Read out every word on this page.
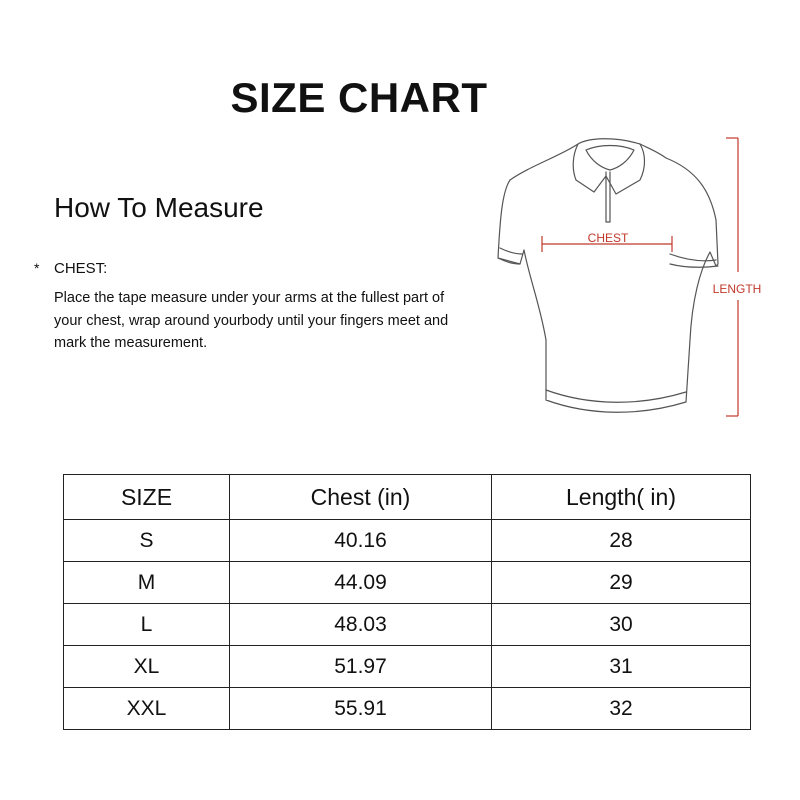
SIZE CHART
How To Measure
* CHEST:
Place the tape measure under your arms at the fullest part of your chest, wrap around yourbody until your fingers meet and mark the measurement.
CHEST
LENGTH
SIZE	Chest (in)	Length( in)
S	40.16	28
M	44.09	29
L	48.03	30
XL	51.97	31
XXL	55.91	32
